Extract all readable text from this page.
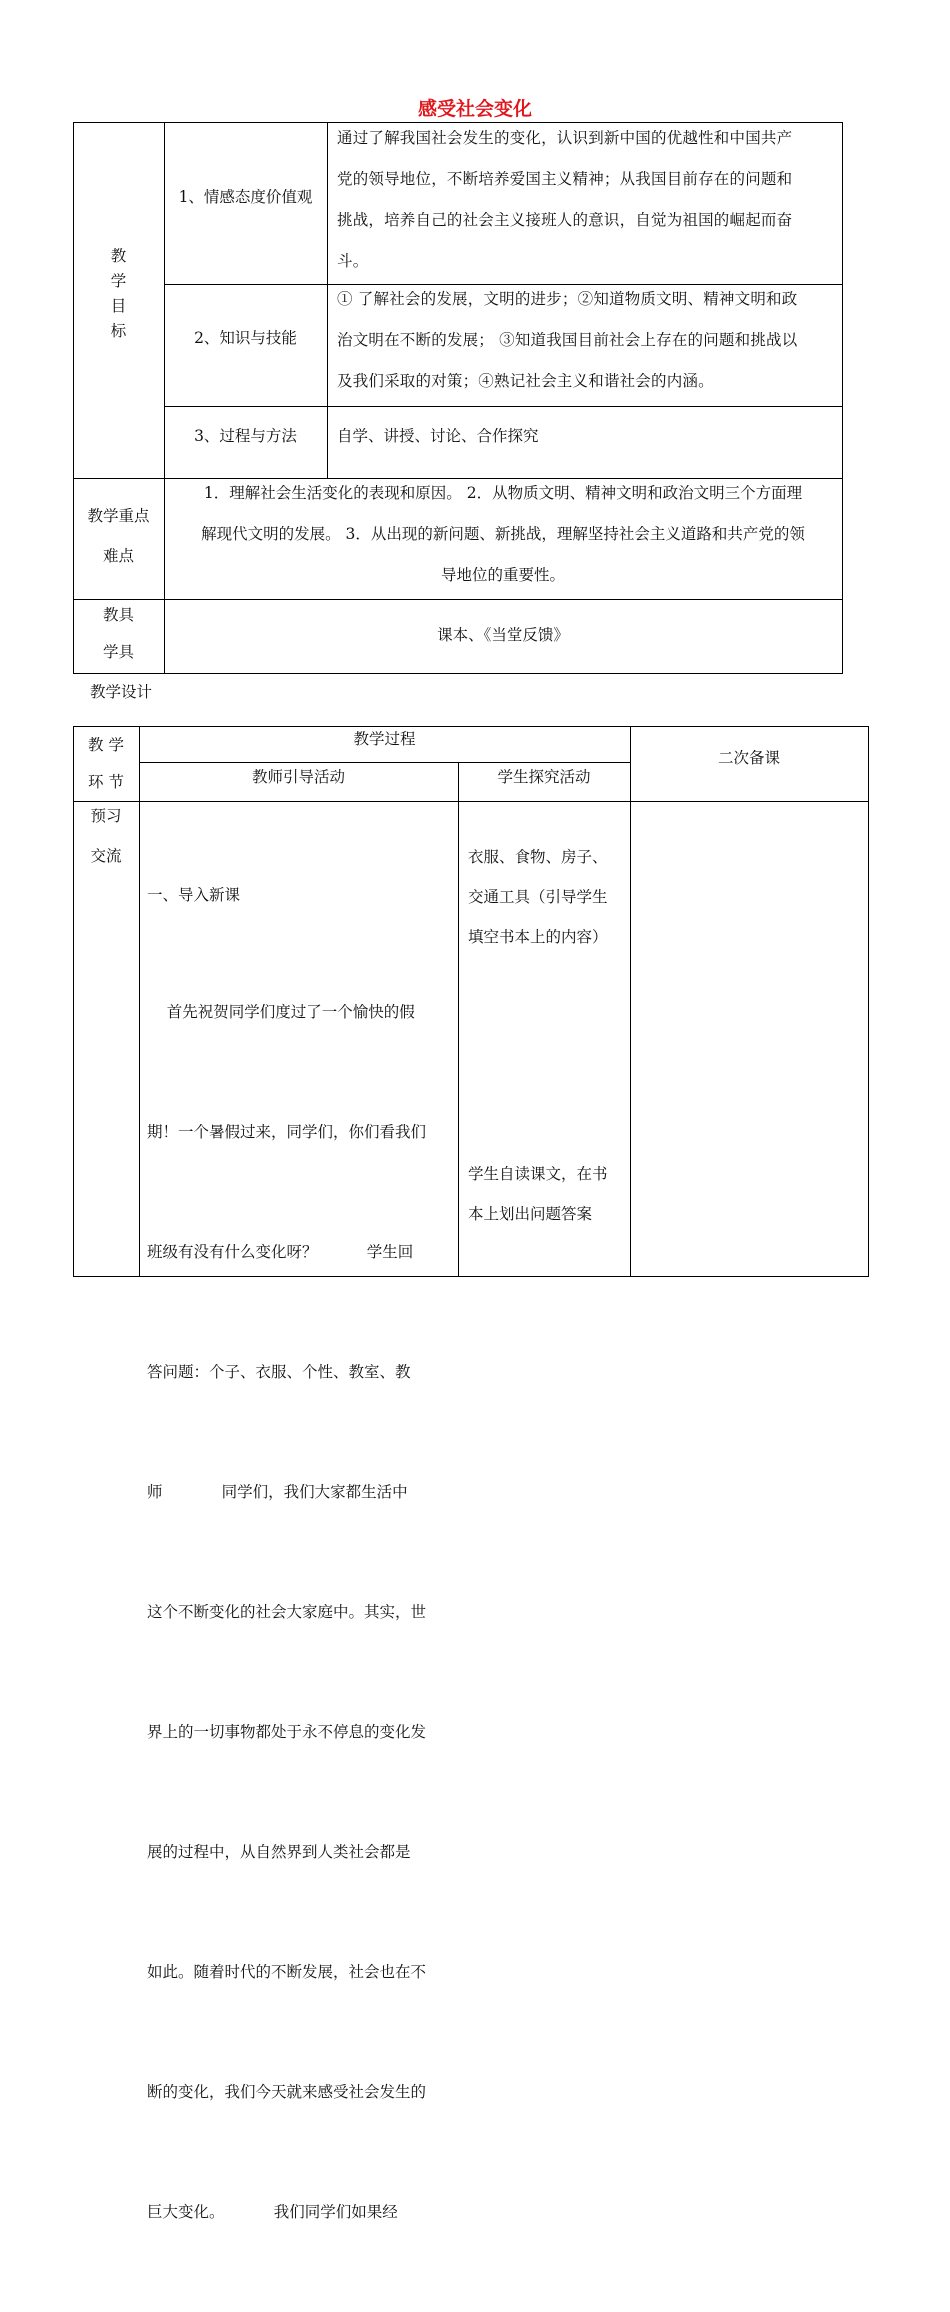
感受社会变化
教
学
目
标
1、情感态度价值观
通过了解我国社会发生的变化，认识到新中国的优越性和中国共产
党的领导地位，不断培养爱国主义精神；从我国目前存在的问题和
挑战，培养自己的社会主义接班人的意识，自觉为祖国的崛起而奋
斗。
2、知识与技能
① 了解社会的发展，文明的进步；②知道物质文明、精神文明和政
治文明在不断的发展； ③知道我国目前社会上存在的问题和挑战以
及我们采取的对策；④熟记社会主义和谐社会的内涵。
3、过程与方法	自学、讲授、讨论、合作探究
教学重点
难点
1．理解社会生活变化的表现和原因。 2．从物质文明、精神文明和政治文明三个方面理
解现代文明的发展。 3．从出现的新问题、新挑战，理解坚持社会主义道路和共产党的领
导地位的重要性。
教具
学具
课本、《当堂反馈》
教学设计
教 学
环 节
教学过程
教师引导活动	学生探究活动
二次备课
预习
交流

一、导入新课

首先祝贺同学们度过了一个愉快的假

期！一个暑假过来，同学们，你们看我们

班级有没有什么变化呀？          学生回

答问题：个子、衣服、个性、教室、教

师            同学们，我们大家都生活中

这个不断变化的社会大家庭中。其实，世

界上的一切事物都处于永不停息的变化发

展的过程中，从自然界到人类社会都是

如此。随着时代的不断发展，社会也在不

断的变化，我们今天就来感受社会发生的

巨大变化。          我们同学们如果经

衣服、食物、房子、
交通工具（引导学生
填空书本上的内容）
学生自读课文，在书
本上划出问题答案
